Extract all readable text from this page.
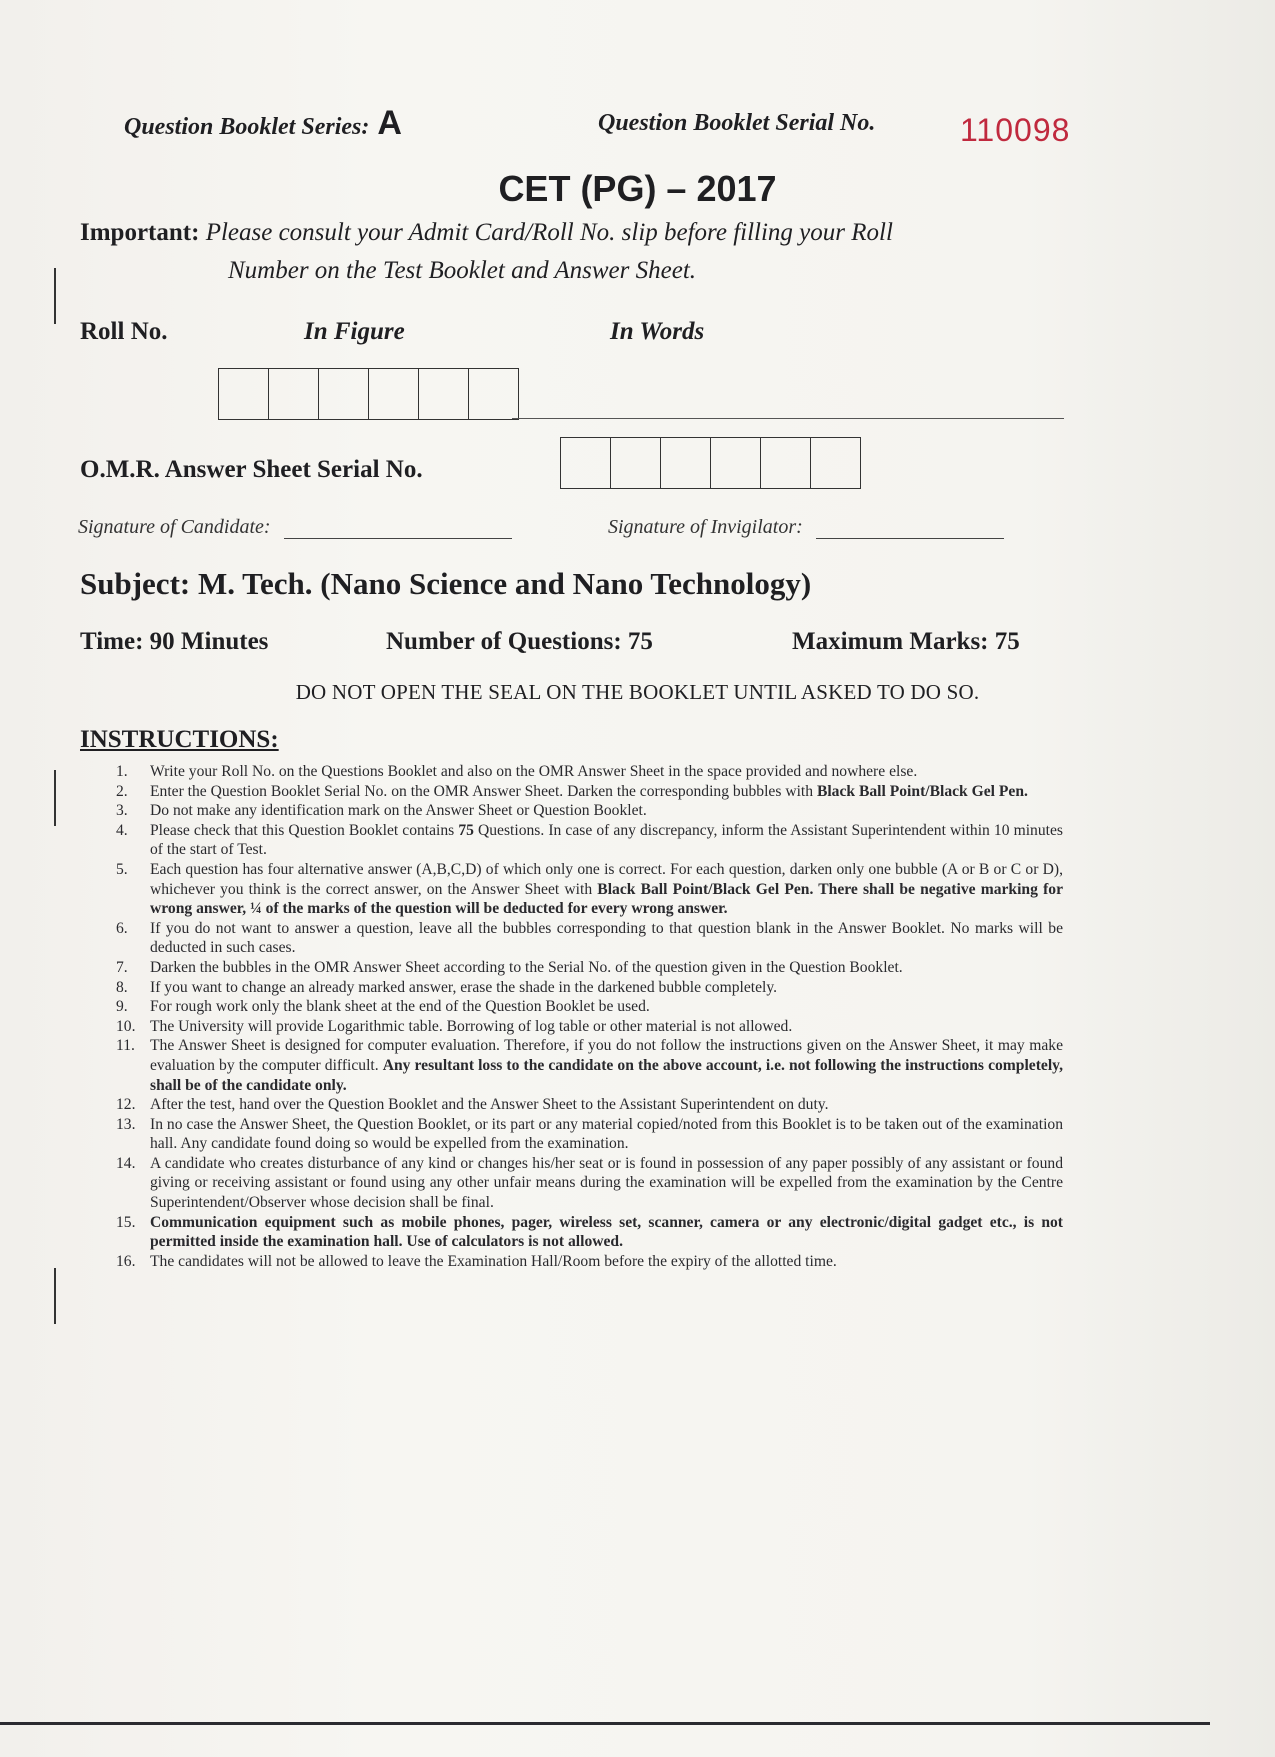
Question Booklet Series: A	Question Booklet Serial No.	110098
CET (PG) – 2017
Important: Please consult your Admit Card/Roll No. slip before filling your Roll
Number on the Test Booklet and Answer Sheet.
Roll No.	In Figure	In Words
O.M.R. Answer Sheet Serial No.
Signature of Candidate:	Signature of Invigilator:
Subject: M. Tech. (Nano Science and Nano Technology)
Time: 90 Minutes	Number of Questions: 75	Maximum Marks: 75
DO NOT OPEN THE SEAL ON THE BOOKLET UNTIL ASKED TO DO SO.
INSTRUCTIONS:
1.	Write your Roll No. on the Questions Booklet and also on the OMR Answer Sheet in the space provided and nowhere else.
2.	Enter the Question Booklet Serial No. on the OMR Answer Sheet. Darken the corresponding bubbles with Black Ball Point/Black Gel Pen.
3.	Do not make any identification mark on the Answer Sheet or Question Booklet.
4.	Please check that this Question Booklet contains 75 Questions. In case of any discrepancy, inform the Assistant Superintendent within 10 minutes of the start of Test.
5.	Each question has four alternative answer (A,B,C,D) of which only one is correct. For each question, darken only one bubble (A or B or C or D), whichever you think is the correct answer, on the Answer Sheet with Black Ball Point/Black Gel Pen. There shall be negative marking for wrong answer, ¼ of the marks of the question will be deducted for every wrong answer.
6.	If you do not want to answer a question, leave all the bubbles corresponding to that question blank in the Answer Booklet. No marks will be deducted in such cases.
7.	Darken the bubbles in the OMR Answer Sheet according to the Serial No. of the question given in the Question Booklet.
8.	If you want to change an already marked answer, erase the shade in the darkened bubble completely.
9.	For rough work only the blank sheet at the end of the Question Booklet be used.
10. The University will provide Logarithmic table. Borrowing of log table or other material is not allowed.
11. The Answer Sheet is designed for computer evaluation. Therefore, if you do not follow the instructions given on the Answer Sheet, it may make evaluation by the computer difficult. Any resultant loss to the candidate on the above account, i.e. not following the instructions completely, shall be of the candidate only.
12. After the test, hand over the Question Booklet and the Answer Sheet to the Assistant Superintendent on duty.
13. In no case the Answer Sheet, the Question Booklet, or its part or any material copied/noted from this Booklet is to be taken out of the examination hall. Any candidate found doing so would be expelled from the examination.
14. A candidate who creates disturbance of any kind or changes his/her seat or is found in possession of any paper possibly of any assistant or found giving or receiving assistant or found using any other unfair means during the examination will be expelled from the examination by the Centre Superintendent/Observer whose decision shall be final.
15. Communication equipment such as mobile phones, pager, wireless set, scanner, camera or any electronic/digital gadget etc., is not permitted inside the examination hall. Use of calculators is not allowed.
16. The candidates will not be allowed to leave the Examination Hall/Room before the expiry of the allotted time.
